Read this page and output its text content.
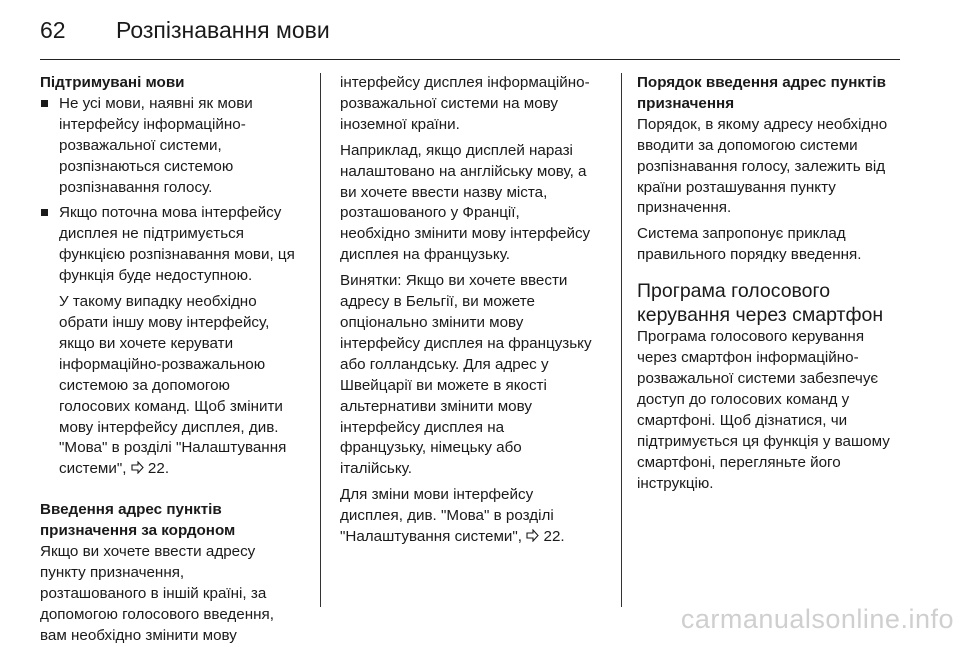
62 Розпізнавання мови

Підтримувані мови

Не усі мови, наявні як мови

інтерфейсу інформаційно-

розважальної системи,

розпізнаються системою

розпізнавання голосу.

Якщо поточна мова інтерфейсу

дисплея не підтримується

функцією розпізнавання мови, ця

функція буде недоступною.

У такому випадку необхідно

обрати іншу мову інтерфейсу,

якщо ви хочете керувати

інформаційно-розважальною

системою за допомогою

голосових команд. Щоб змінити

мову інтерфейсу дисплея, див.

"Мова" в розділі "Налаштування

системи", 22.

Введення адрес пунктів

призначення за кордоном

Якщо ви хочете ввести адресу

пункту призначення,

розташованого в іншій країні, за

допомогою голосового введення,

вам необхідно змінити мову

інтерфейсу дисплея інформаційно-

розважальної системи на мову

іноземної країни.

Наприклад, якщо дисплей наразі

налаштовано на англійську мову, а

ви хочете ввести назву міста,

розташованого у Франції,

необхідно змінити мову інтерфейсу

дисплея на французьку.

Винятки: Якщо ви хочете ввести

адресу в Бельгії, ви можете

опціонально змінити мову

інтерфейсу дисплея на французьку

або голландську. Для адрес у

Швейцарії ви можете в якості

альтернативи змінити мову

інтерфейсу дисплея на

французьку, німецьку або

італійську.

Для зміни мови інтерфейсу

дисплея, див. "Мова" в розділі

"Налаштування системи", 22.

Порядок введення адрес пунктів

призначення

Порядок, в якому адресу необхідно

вводити за допомогою системи

розпізнавання голосу, залежить від

країни розташування пункту

призначення.

Система запропонує приклад

правильного порядку введення.

Програма голосового

керування через смартфон

Програма голосового керування

через смартфон інформаційно-

розважальної системи забезпечує

доступ до голосових команд у

смартфоні. Щоб дізнатися, чи

підтримується ця функція у вашому

смартфоні, перегляньте його

інструкцію.

carmanualsonline.info
